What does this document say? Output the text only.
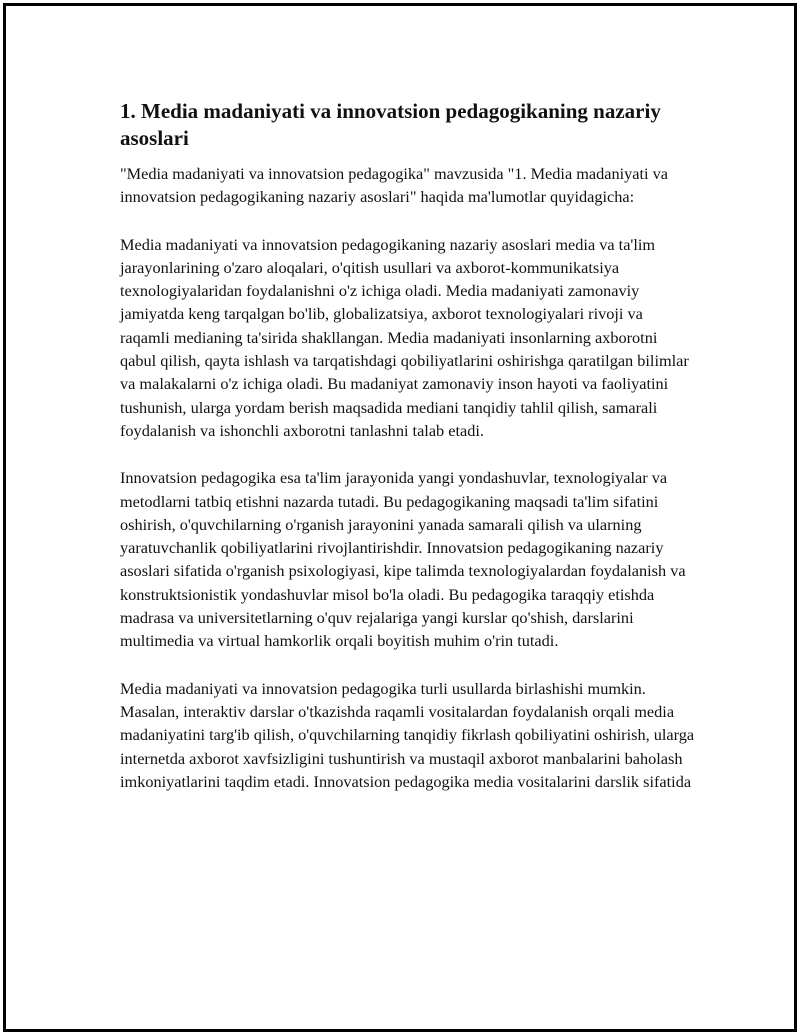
1. Media madaniyati va innovatsion pedagogikaning nazariy asoslari

"Media madaniyati va innovatsion pedagogika" mavzusida "1. Media madaniyati va innovatsion pedagogikaning nazariy asoslari" haqida ma'lumotlar quyidagicha:

Media madaniyati va innovatsion pedagogikaning nazariy asoslari media va ta'lim jarayonlarining o'zaro aloqalari, o'qitish usullari va axborot-kommunikatsiya texnologiyalaridan foydalanishni o'z ichiga oladi. Media madaniyati zamonaviy jamiyatda keng tarqalgan bo'lib, globalizatsiya, axborot texnologiyalari rivoji va raqamli medianing ta'sirida shakllangan. Media madaniyati insonlarning axborotni qabul qilish, qayta ishlash va tarqatishdagi qobiliyatlarini oshirishga qaratilgan bilimlar va malakalarni o'z ichiga oladi. Bu madaniyat zamonaviy inson hayoti va faoliyatini tushunish, ularga yordam berish maqsadida mediani tanqidiy tahlil qilish, samarali foydalanish va ishonchli axborotni tanlashni talab etadi.

Innovatsion pedagogika esa ta'lim jarayonida yangi yondashuvlar, texnologiyalar va metodlarni tatbiq etishni nazarda tutadi. Bu pedagogikaning maqsadi ta'lim sifatini oshirish, o'quvchilarning o'rganish jarayonini yanada samarali qilish va ularning yaratuvchanlik qobiliyatlarini rivojlantirishdir. Innovatsion pedagogikaning nazariy asoslari sifatida o'rganish psixologiyasi, kipe talimda texnologiyalardan foydalanish va konstruktsionistik yondashuvlar misol bo'la oladi. Bu pedagogika taraqqiy etishda madrasa va universitetlarning o'quv rejalariga yangi kurslar qo'shish, darslarini multimedia va virtual hamkorlik orqali boyitish muhim o'rin tutadi.

Media madaniyati va innovatsion pedagogika turli usullarda birlashishi mumkin. Masalan, interaktiv darslar o'tkazishda raqamli vositalardan foydalanish orqali media madaniyatini targ'ib qilish, o'quvchilarning tanqidiy fikrlash qobiliyatini oshirish, ularga internetda axborot xavfsizligini tushuntirish va mustaqil axborot manbalarini baholash imkoniyatlarini taqdim etadi. Innovatsion pedagogika media vositalarini darslik sifatida
